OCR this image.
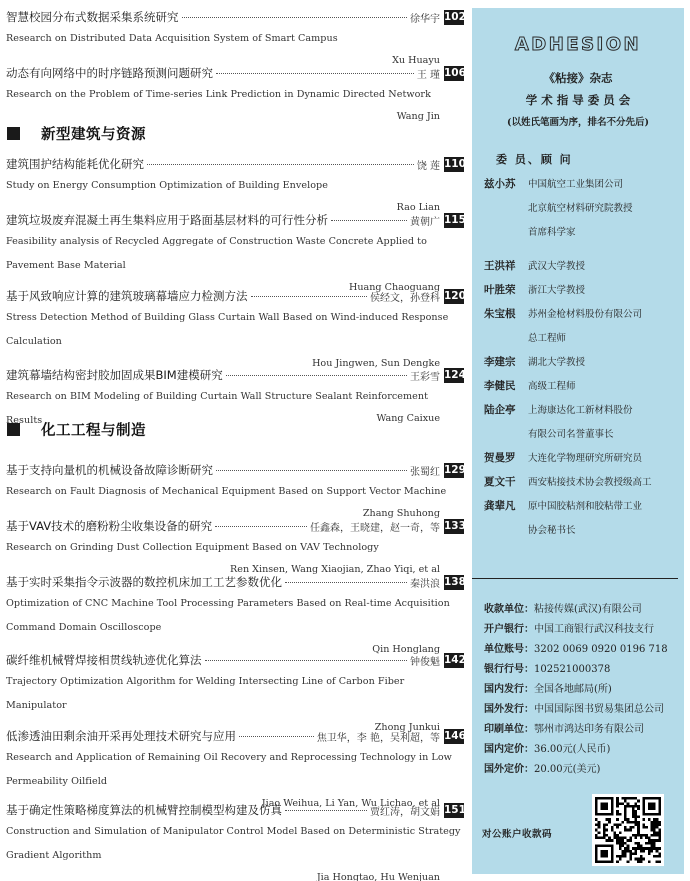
新型建筑与资源
化工工程与制造
智慧校园分布式数据采集系统研究	徐华宇 102
Research on Distributed Data Acquisition System of Smart Campus
Xu Huayu
动态有向网络中的时序链路预测问题研究	王 瑾 106
Research on the Problem of Time-series Link Prediction in Dynamic Directed Network
Wang Jin
建筑围护结构能耗优化研究	饶 莲 110
Study on Energy Consumption Optimization of Building Envelope
Rao Lian
建筑垃圾废弃混凝土再生集料应用于路面基层材料的可行性分析	黄朝广 115
Feasibility analysis of Recycled Aggregate of Construction Waste Concrete Applied to Pavement Base Material
Huang Chaoguang
基于风致响应计算的建筑玻璃幕墙应力检测方法	侯经文，孙登科 120
Stress Detection Method of Building Glass Curtain Wall Based on Wind-induced Response Calculation
Hou Jingwen, Sun Dengke
建筑幕墙结构密封胶加固成果BIM建模研究	王彩雪 124
Research on BIM Modeling of Building Curtain Wall Structure Sealant Reinforcement Results	Wang Caixue
基于支持向量机的机械设备故障诊断研究	张蜀红 129
Research on Fault Diagnosis of Mechanical Equipment Based on Support Vector Machine
Zhang Shuhong
基于VAV技术的磨粉粉尘收集设备的研究	任鑫森，王晓建，赵一奇，等 133
Research on Grinding Dust Collection Equipment Based on VAV Technology
Ren Xinsen, Wang Xiaojian, Zhao Yiqi, et al
基于实时采集指令示波器的数控机床加工工艺参数优化	秦洪浪 138
Optimization of CNC Machine Tool Processing Parameters Based on Real-time Acquisition Command Domain Oscilloscope
Qin Honglang
碳纤维机械臂焊接相贯线轨迹优化算法	钟俊魁 142
Trajectory Optimization Algorithm for Welding Intersecting Line of Carbon Fiber Manipulator
Zhong Junkui
低渗透油田剩余油开采再处理技术研究与应用	焦卫华，李 艳，吴利超，等 146
Research and Application of Remaining Oil Recovery and Reprocessing Technology in Low Permeability Oilfield
Jiao Weihua, Li Yan, Wu Lichao, et al
基于确定性策略梯度算法的机械臂控制模型构建及仿真	贾红涛，胡文娟 151
Construction and Simulation of Manipulator Control Model Based on Deterministic Strategy Gradient Algorithm
Jia Hongtao, Hu Wenjuan
ADHESION
《粘接》杂志
学 术 指 导 委 员 会
(以姓氏笔画为序，排名不分先后)
委 员、顾 问
兹小苏 中国航空工业集团公司
北京航空材料研究院教授
首席科学家
王洪祥 武汉大学教授
叶胜荣 浙江大学教授
朱宝根 苏州金枪材料股份有限公司
总工程师
李建宗 湖北大学教授
李健民 高级工程师
陆企亭 上海康达化工新材料股份
有限公司名誉董事长
贺曼罗 大连化学物理研究所研究员
夏文干 西安粘接技术协会教授级高工
龚辈凡 原中国胶粘剂和胶粘带工业
协会秘书长
收款单位：粘接传媒(武汉)有限公司
开户银行：中国工商银行武汉科技支行
单位账号：3202 0069 0920 0196 718
银行行号：102521000378
国内发行：全国各地邮局(所)
国外发行：中国国际图书贸易集团总公司
印刷单位：鄂州市鸿达印务有限公司
国内定价：36.00元(人民币)
国外定价：20.00元(美元)
对公账户收款码
